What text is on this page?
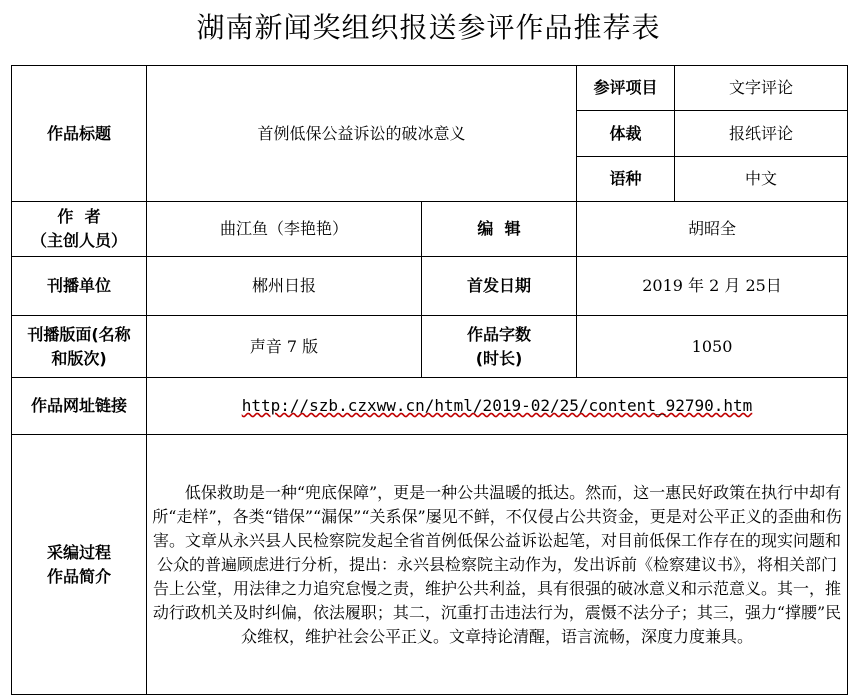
湖南新闻奖组织报送参评作品推荐表
作品标题	首例低保公益诉讼的破冰意义		参评项目	文字评论
			体裁	报纸评论
			语种	中文

作  者
（主创人员）	曲江鱼（李艳艳）	编  辑	胡昭全	
刊播单位	郴州日报	首发日期	2019 年 2 月 25日	

刊播版面(名称
和版次)	声音 7 版	作品字数
(时长)	1050	
作品网址链接	http://szb.czxww.cn/html/2019-02/25/content_92790.htm			

采编过程
作品简介	低保救助是一种“兜底保障”，更是一种公共温暖的抵达。然而，这一惠民好政策在执行中却有所“走样”，各类“错保”“漏保”“关系保”屡见不鲜，不仅侵占公共资金，更是对公平正义的歪曲和伤害。文章从永兴县人民检察院发起全省首例低保公益诉讼起笔，对目前低保工作存在的现实问题和公众的普遍顾虑进行分析，提出：永兴县检察院主动作为，发出诉前《检察建议书》，将相关部门告上公堂，用法律之力追究怠慢之责，维护公共利益，具有很强的破冰意义和示范意义。其一，推动行政机关及时纠偏，依法履职；其二，沉重打击违法行为，震慑不法分子；其三，强力“撑腰”民众维权，维护社会公平正义。文章持论清醒，语言流畅，深度力度兼具。			
